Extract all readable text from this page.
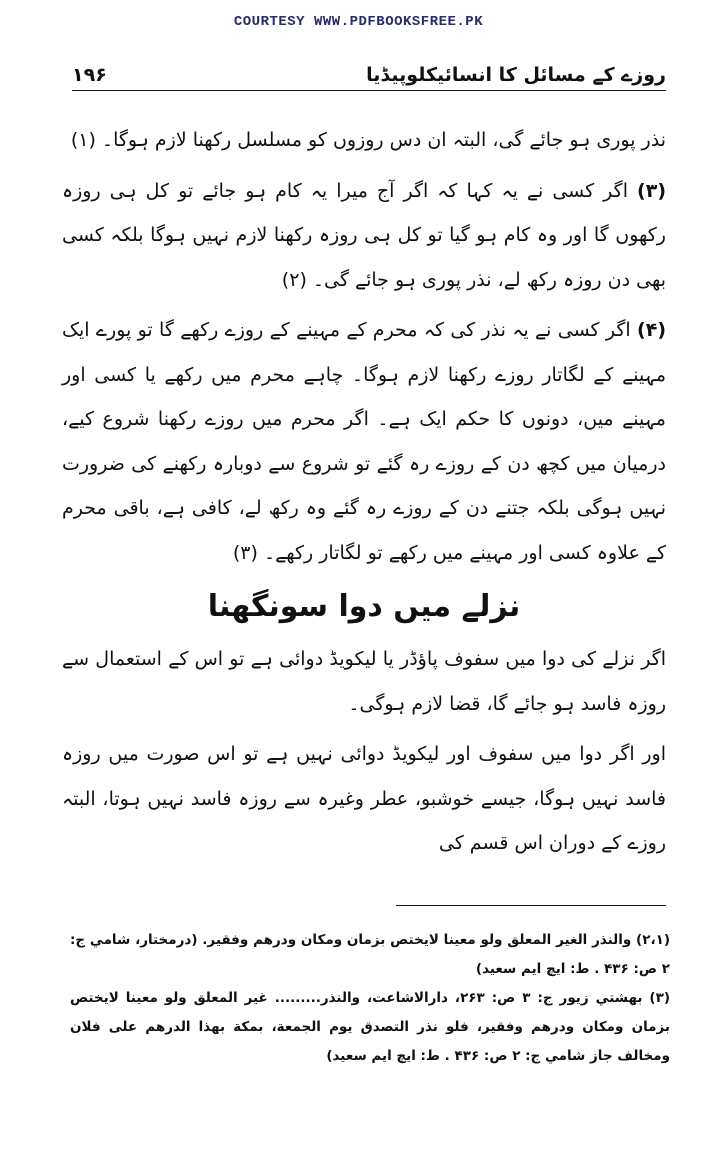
COURTESY WWW.PDFBOOKSFREE.PK
۱۹۶	روزے کے مسائل کا انسائیکلوپیڈیا

نذر پوری ہو جائے گی، البتہ ان دس روزوں کو مسلسل رکھنا لازم ہوگا۔ (۱)

(۳) اگر کسی نے یہ کہا کہ اگر آج میرا یہ کام ہو جائے تو کل ہی روزہ رکھوں گا اور وہ کام ہو گیا تو کل ہی روزہ رکھنا لازم نہیں ہوگا بلکہ کسی بھی دن روزہ رکھ لے، نذر پوری ہو جائے گی۔ (۲)

(۴) اگر کسی نے یہ نذر کی کہ محرم کے مہینے کے روزے رکھے گا تو پورے ایک مہینے کے لگاتار روزے رکھنا لازم ہوگا۔ چاہے محرم میں رکھے یا کسی اور مہینے میں، دونوں کا حکم ایک ہے۔ اگر محرم میں روزے رکھنا شروع کیے، درمیان میں کچھ دن کے روزے رہ گئے تو شروع سے دوبارہ رکھنے کی ضرورت نہیں ہوگی بلکہ جتنے دن کے روزے رہ گئے وہ رکھ لے، کافی ہے، باقی محرم کے علاوہ کسی اور مہینے میں رکھے تو لگاتار رکھے۔ (۳)

نزلے میں دوا سونگھنا

اگر نزلے کی دوا میں سفوف پاؤڈر یا لیکویڈ دوائی ہے تو اس کے استعمال سے روزہ فاسد ہو جائے گا، قضا لازم ہوگی۔

اور اگر دوا میں سفوف اور لیکویڈ دوائی نہیں ہے تو اس صورت میں روزہ فاسد نہیں ہوگا، جیسے خوشبو، عطر وغیرہ سے روزہ فاسد نہیں ہوتا، البتہ روزے کے دوران اس قسم کی

(۲،۱) والنذر الغير المعلق ولو معينا لايختص بزمان ومكان ودرهم وفقير. (درمختار، شامي ج: ۲ ص: ۴۳۶ . ط: ايچ ايم سعيد)

(۳) بهشتي زيور ج: ۳ ص: ۲۶۳، دارالاشاعت، والنذر......... غير المعلق ولو معينا لايختص بزمان ومكان ودرهم وفقير، فلو نذر التصدق يوم الجمعة، بمكة بهذا الدرهم على فلان ومخالف جاز شامي ج: ۲ ص: ۴۳۶ . ط: ايچ ايم سعيد)
